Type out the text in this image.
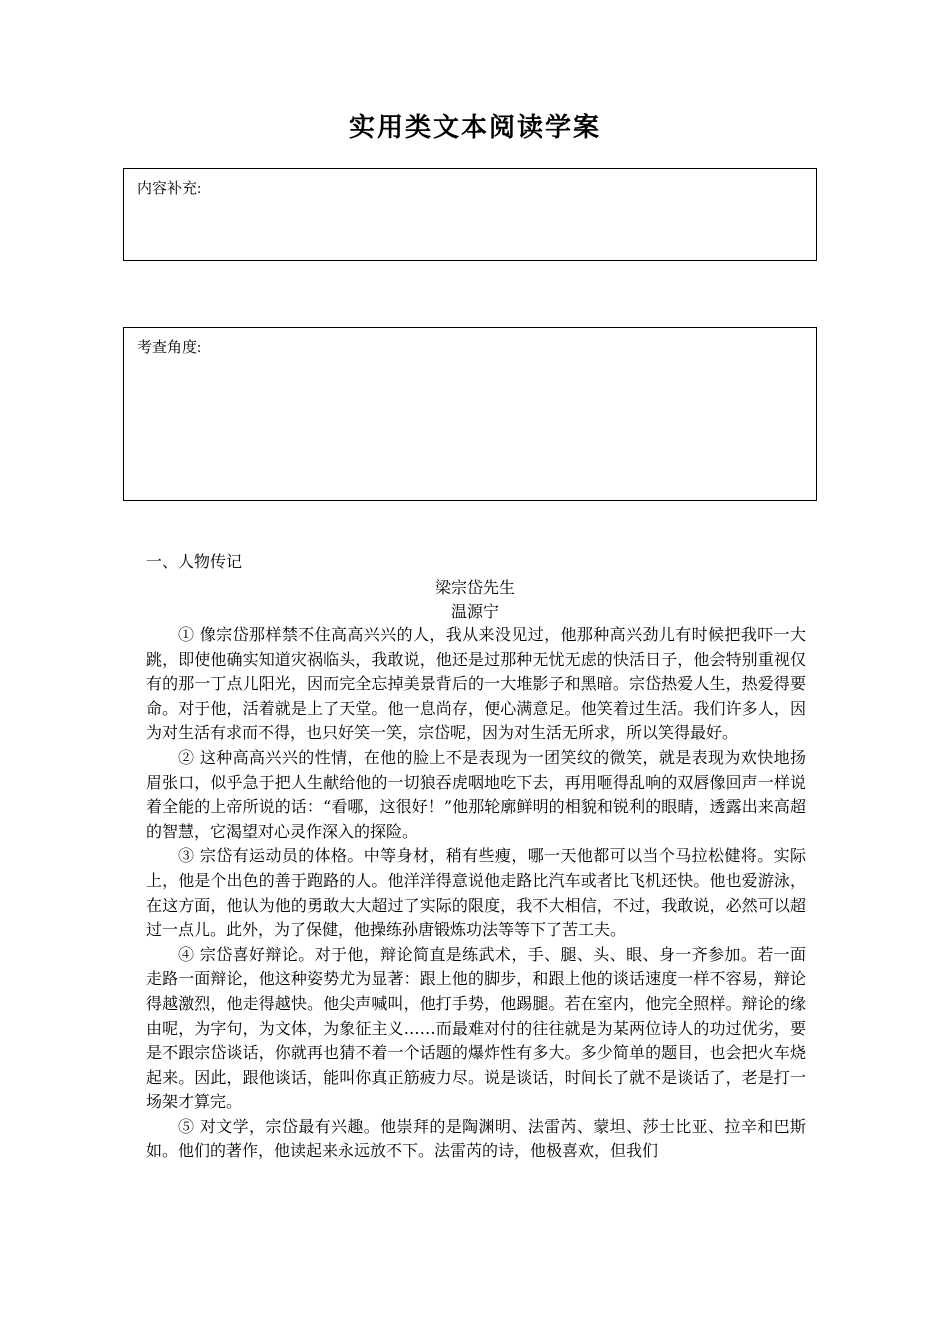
实用类文本阅读学案
内容补充:
考查角度:
一、人物传记
梁宗岱先生
温源宁

① 像宗岱那样禁不住高高兴兴的人，我从来没见过，他那种高兴劲儿有时候把我吓一大跳，即使他确实知道灾祸临头，我敢说，他还是过那种无忧无虑的快活日子，他会特别重视仅有的那一丁点儿阳光，因而完全忘掉美景背后的一大堆影子和黑暗。宗岱热爱人生，热爱得要命。对于他，活着就是上了天堂。他一息尚存，便心满意足。他笑着过生活。我们许多人，因为对生活有求而不得，也只好笑一笑，宗岱呢，因为对生活无所求，所以笑得最好。

② 这种高高兴兴的性情，在他的脸上不是表现为一团笑纹的微笑，就是表现为欢快地扬眉张口，似乎急于把人生献给他的一切狼吞虎咽地吃下去，再用咂得乱响的双唇像回声一样说着全能的上帝所说的话：“看哪，这很好！”他那轮廓鲜明的相貌和锐利的眼睛，透露出来高超的智慧，它渴望对心灵作深入的探险。

③ 宗岱有运动员的体格。中等身材，稍有些瘦，哪一天他都可以当个马拉松健将。实际上，他是个出色的善于跑路的人。他洋洋得意说他走路比汽车或者比飞机还快。他也爱游泳，在这方面，他认为他的勇敢大大超过了实际的限度，我不大相信，不过，我敢说，必然可以超过一点儿。此外，为了保健，他操练孙唐锻炼功法等等下了苦工夫。

④ 宗岱喜好辩论。对于他，辩论简直是练武术，手、腿、头、眼、身一齐参加。若一面走路一面辩论，他这种姿势尤为显著：跟上他的脚步，和跟上他的谈话速度一样不容易，辩论得越激烈，他走得越快。他尖声喊叫，他打手势，他踢腿。若在室内，他完全照样。辩论的缘由呢，为字句，为文体，为象征主义……而最难对付的往往就是为某两位诗人的功过优劣，要是不跟宗岱谈话，你就再也猜不着一个话题的爆炸性有多大。多少简单的题目，也会把火车烧起来。因此，跟他谈话，能叫你真正筋疲力尽。说是谈话，时间长了就不是谈话了，老是打一场架才算完。

⑤ 对文学，宗岱最有兴趣。他崇拜的是陶渊明、法雷芮、蒙坦、莎士比亚、拉辛和巴斯如。他们的著作，他读起来永远放不下。法雷芮的诗，他极喜欢，但我们
